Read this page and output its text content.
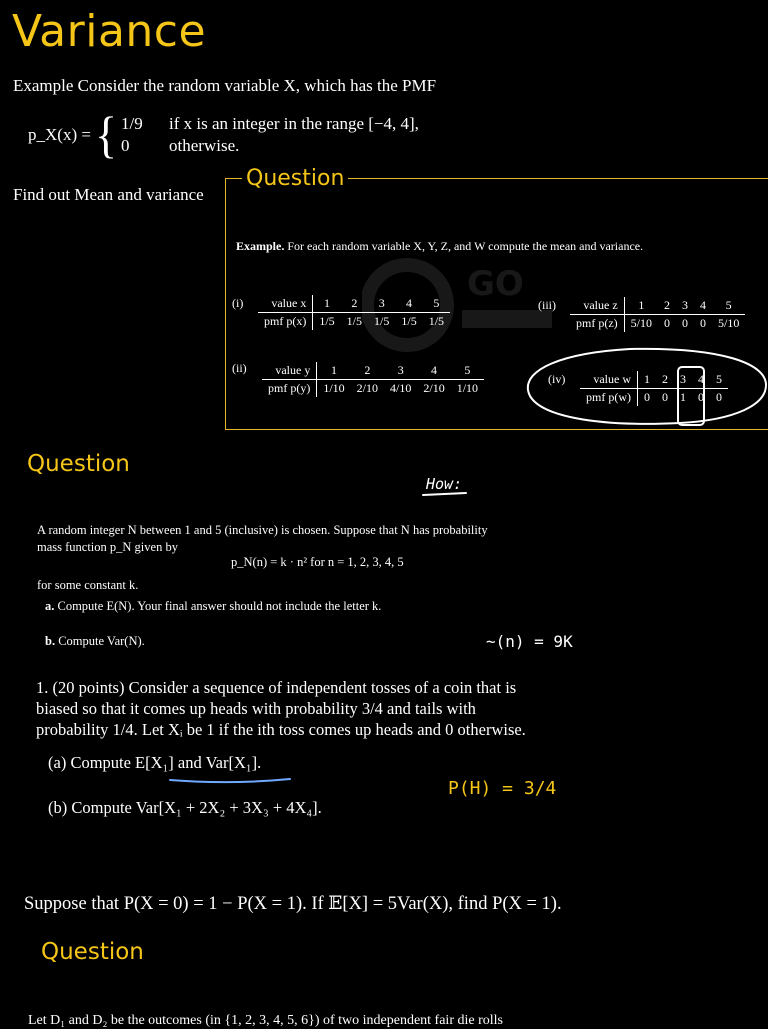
Variance
Example Consider the random variable X, which has the PMF
p_X(x) = { 1/9	if x is an integer in the range [−4, 4],
0	otherwise.
Find out Mean and variance
Question
GO
Example. For each random variable X, Y, Z, and W compute the mean and variance.
(i) value x	1	2	3	4	5
pmf p(x)	1/5	1/5	1/5	1/5	1/5
(iii) value z	1	2	3	4	5
pmf p(z)	5/10	0	0	0	5/10
(ii) value y	1	2	3	4	5
pmf p(y)	1/10	2/10	4/10	2/10	1/10
(iv) value w	1	2	3	4	5
pmf p(w)	0	0	1	0	0
Question
How:
A random integer N between 1 and 5 (inclusive) is chosen. Suppose that N has probability
mass function p_N given by
p_N(n) = k · n² for n = 1, 2, 3, 4, 5
for some constant k.
a. Compute E(N). Your final answer should not include the letter k.
b. Compute Var(N).	~(n) = 9K
1. (20 points) Consider a sequence of independent tosses of a coin that is
biased so that it comes up heads with probability 3/4 and tails with
probability 1/4. Let Xᵢ be 1 if the ith toss comes up heads and 0 otherwise.
(a) Compute E[X₁] and Var[X₁].
(b) Compute Var[X₁ + 2X₂ + 3X₃ + 4X₄].
P(H) = 3/4
Suppose that P(X = 0) = 1 − P(X = 1). If 𝔼[X] = 5Var(X), find P(X = 1).
Question
Let D₁ and D₂ be the outcomes (in {1, 2, 3, 4, 5, 6}) of two independent fair die rolls
